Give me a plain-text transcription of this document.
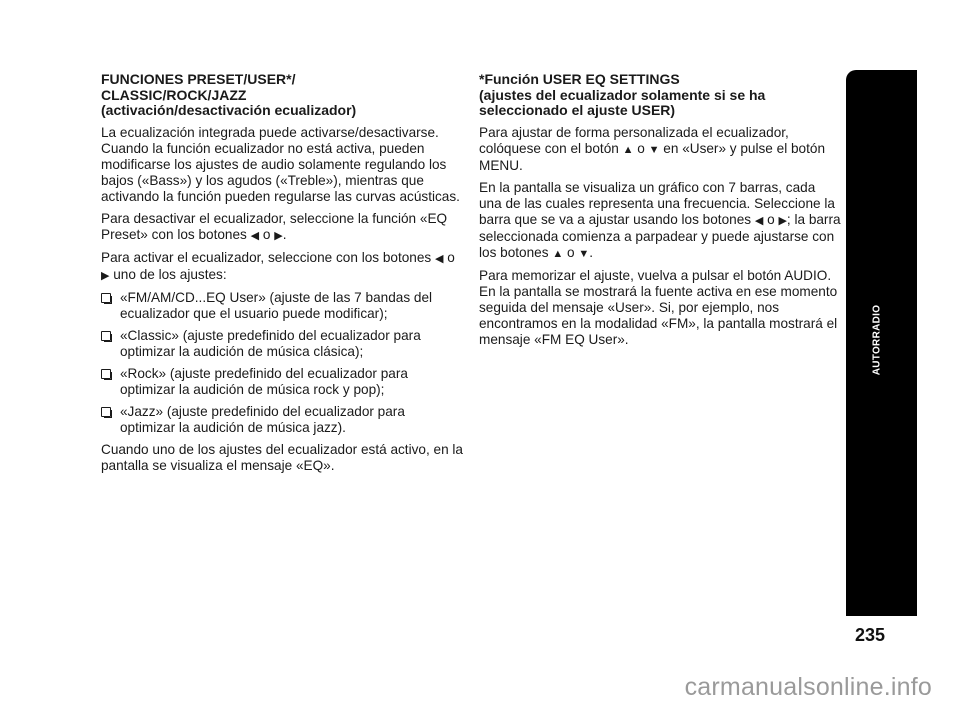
FUNCIONES PRESET/USER*/
CLASSIC/ROCK/JAZZ
(activación/desactivación ecualizador)

La ecualización integrada puede activarse/desactivarse. Cuando la función ecualizador no está activa, pueden modificarse los ajustes de audio solamente regulando los bajos («Bass») y los agudos («Treble»), mientras que activando la función pueden regularse las curvas acústicas.

Para desactivar el ecualizador, seleccione la función «EQ Preset» con los botones ◀ o ▶.

Para activar el ecualizador, seleccione con los botones ◀ o ▶ uno de los ajustes:

«FM/AM/CD...EQ User» (ajuste de las 7 bandas del ecualizador que el usuario puede modificar);
«Classic» (ajuste predefinido del ecualizador para optimizar la audición de música clásica);
«Rock» (ajuste predefinido del ecualizador para optimizar la audición de música rock y pop);
«Jazz» (ajuste predefinido del ecualizador para optimizar la audición de música jazz).

Cuando uno de los ajustes del ecualizador está activo, en la pantalla se visualiza el mensaje «EQ».

*Función USER EQ SETTINGS
(ajustes del ecualizador solamente si se ha
seleccionado el ajuste USER)

Para ajustar de forma personalizada el ecualizador, colóquese con el botón ▲ o ▼ en «User» y pulse el botón MENU.

En la pantalla se visualiza un gráfico con 7 barras, cada una de las cuales representa una frecuencia. Seleccione la barra que se va a ajustar usando los botones ◀ o ▶; la barra seleccionada comienza a parpadear y puede ajustarse con los botones ▲ o ▼.

Para memorizar el ajuste, vuelva a pulsar el botón AUDIO. En la pantalla se mostrará la fuente activa en ese momento seguida del mensaje «User». Si, por ejemplo, nos encontramos en la modalidad «FM», la pantalla mostrará el mensaje «FM EQ User».	AUTORRADIO
235
carmanualsonline.info
